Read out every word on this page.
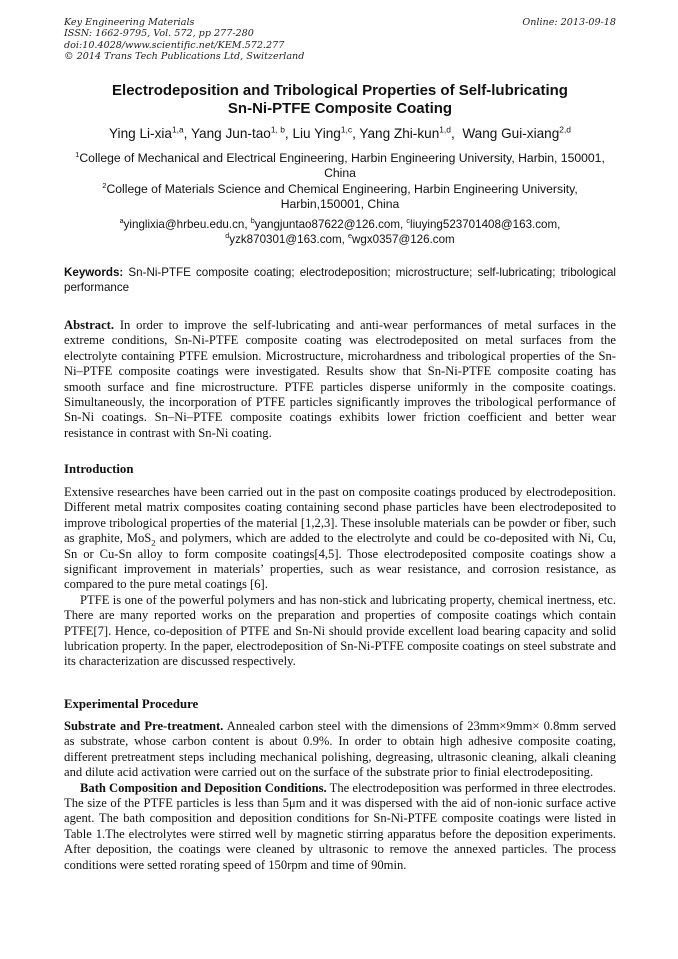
Key Engineering Materials
ISSN: 1662-9795, Vol. 572, pp 277-280
doi:10.4028/www.scientific.net/KEM.572.277
© 2014 Trans Tech Publications Ltd, Switzerland
Online: 2013-09-18
Electrodeposition and Tribological Properties of Self-lubricating
Sn-Ni-PTFE Composite Coating
Ying Li-xia$^{1,a}$, Yang Jun-tao$^{1, b}$, Liu Ying$^{1,c}$, Yang Zhi-kun$^{1,d}$,  Wang Gui-xiang$^{2,d}$
$^1$College of Mechanical and Electrical Engineering, Harbin Engineering University, Harbin, 150001,
China
$^2$College of Materials Science and Chemical Engineering, Harbin Engineering University,
Harbin,150001, China
$^a$yinglixia@hrbeu.edu.cn, $^b$yangjuntao87622@126.com, $^c$liuying523701408@163.com,
$^d$yzk870301@163.com, $^e$wgx0357@126.com
Keywords: Sn-Ni-PTFE composite coating; electrodeposition; microstructure; self-lubricating; tribological performance

Abstract. In order to improve the self-lubricating and anti-wear performances of metal surfaces in the extreme conditions, Sn-Ni-PTFE composite coating was electrodeposited on metal surfaces from the electrolyte containing PTFE emulsion. Microstructure, microhardness and tribological properties of the Sn-Ni–PTFE composite coatings were investigated. Results show that Sn-Ni-PTFE composite coating has smooth surface and fine microstructure. PTFE particles disperse uniformly in the composite coatings. Simultaneously, the incorporation of PTFE particles significantly improves the tribological performance of Sn-Ni coatings. Sn–Ni–PTFE composite coatings exhibits lower friction coefficient and better wear resistance in contrast with Sn-Ni coating.

Introduction

Extensive researches have been carried out in the past on composite coatings produced by electrodeposition. Different metal matrix composites coating containing second phase particles have been electrodeposited to improve tribological properties of the material [1,2,3]. These insoluble materials can be powder or fiber, such as graphite, MoS$_2$ and polymers, which are added to the electrolyte and could be co-deposited with Ni, Cu, Sn or Cu-Sn alloy to form composite coatings[4,5]. Those electrodeposited composite coatings show a significant improvement in materials’ properties, such as wear resistance, and corrosion resistance, as compared to the pure metal coatings [6].

PTFE is one of the powerful polymers and has non-stick and lubricating property, chemical inertness, etc. There are many reported works on the preparation and properties of composite coatings which contain PTFE[7]. Hence, co-deposition of PTFE and Sn-Ni should provide excellent load bearing capacity and solid lubrication property. In the paper, electrodeposition of Sn-Ni-PTFE composite coatings on steel substrate and its characterization are discussed respectively.

Experimental Procedure

Substrate and Pre-treatment. Annealed carbon steel with the dimensions of 23mm×9mm× 0.8mm served as substrate, whose carbon content is about 0.9%. In order to obtain high adhesive composite coating, different pretreatment steps including mechanical polishing, degreasing, ultrasonic cleaning, alkali cleaning and dilute acid activation were carried out on the surface of the substrate prior to finial electrodepositing.

Bath Composition and Deposition Conditions. The electrodeposition was performed in three electrodes. The size of the PTFE particles is less than 5μm and it was dispersed with the aid of non-ionic surface active agent. The bath composition and deposition conditions for Sn-Ni-PTFE composite coatings were listed in Table 1.The electrolytes were stirred well by magnetic stirring apparatus before the deposition experiments. After deposition, the coatings were cleaned by ultrasonic to remove the annexed particles. The process conditions were setted rorating speed of 150rpm and time of 90min.
